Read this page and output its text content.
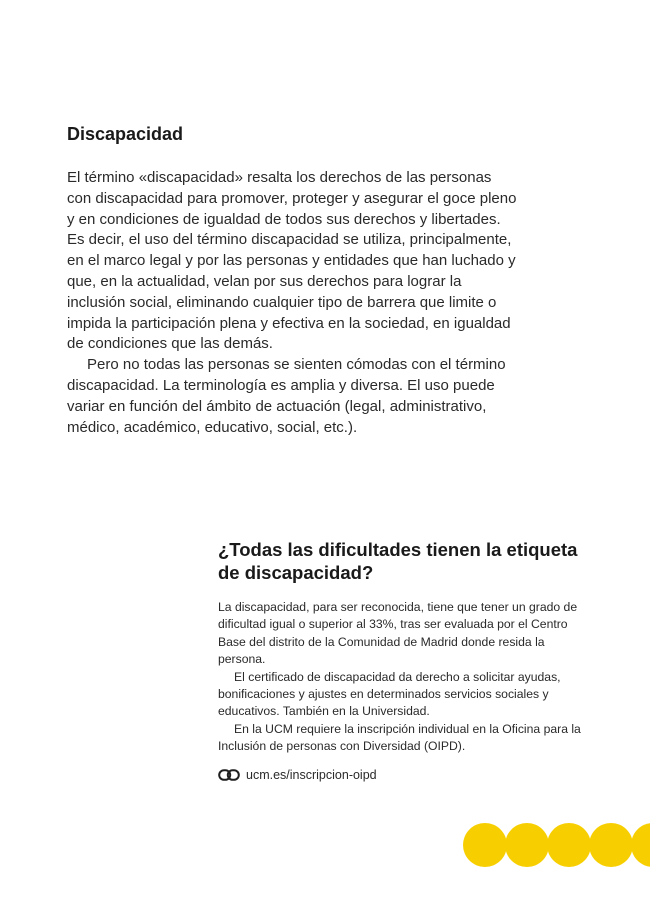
Discapacidad

El término «discapacidad» resalta los derechos de las personas con discapacidad para promover, proteger y asegurar el goce pleno y en condiciones de igualdad de todos sus derechos y libertades. Es decir, el uso del término discapacidad se utiliza, principalmente, en el marco legal y por las personas y entidades que han luchado y que, en la actualidad, velan por sus derechos para lograr la inclusión social, eliminando cualquier tipo de barrera que limite o impida la participación plena y efectiva en la sociedad, en igualdad de condiciones que las demás.

Pero no todas las personas se sienten cómodas con el término discapacidad. La terminología es amplia y diversa. El uso puede variar en función del ámbito de actuación (legal, administrativo, médico, académico, educativo, social, etc.).

¿Todas las dificultades tienen la etiqueta de discapacidad?

La discapacidad, para ser reconocida, tiene que tener un grado de dificultad igual o superior al 33%, tras ser evaluada por el Centro Base del distrito de la Comunidad de Madrid donde resida la persona.

El certificado de discapacidad da derecho a solicitar ayudas, bonificaciones y ajustes en determinados servicios sociales y educativos. También en la Universidad.

En la UCM requiere la inscripción individual en la Oficina para la Inclusión de personas con Diversidad (OIPD).

ucm.es/inscripcion-oipd
